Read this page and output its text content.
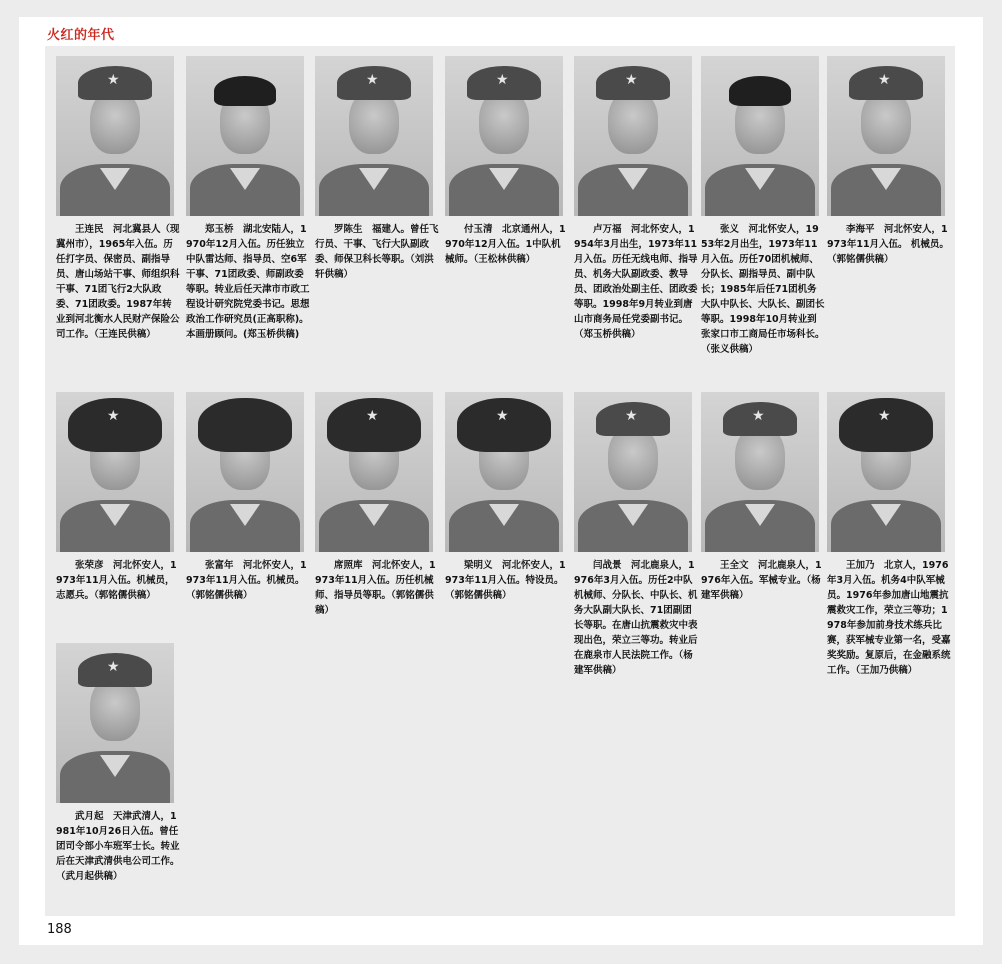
火红的年代
★
　　王连民　河北冀县人（现冀州市），1965年入伍。历任打字员、保密员、副指导员、唐山场站干事、师组织科干事、71团飞行2大队政委、71团政委。1987年转业到河北衡水人民财产保险公司工作。（王连民供稿）
　　郑玉桥　湖北安陆人，1970年12月入伍。历任独立中队雷达师、指导员、空6军干事、71团政委、师副政委等职。转业后任天津市市政工程设计研究院党委书记。思想政治工作研究员(正高职称)。本画册顾问。(郑玉桥供稿)
★
　　罗陈生　福建人。曾任飞行员、干事、飞行大队副政委、师保卫科长等职。（刘洪轩供稿）
★
　　付玉清　北京通州人，1970年12月入伍。1中队机械师。（王松林供稿）
★
　　卢万福　河北怀安人，1954年3月出生，1973年11月入伍。历任无线电师、指导员、机务大队副政委、教导员、团政治处副主任、团政委等职。1998年9月转业到唐山市商务局任党委副书记。（郑玉桥供稿）
　　张义　河北怀安人，1953年2月出生，1973年11月入伍。历任70团机械师、分队长、副指导员、副中队长；1985年后任71团机务大队中队长、大队长、副团长等职。1998年10月转业到张家口市工商局任市场科长。（张义供稿）
★
　　李海平　河北怀安人，1973年11月入伍。 机械员。（郭铭儒供稿）
★
　　张荣彦　河北怀安人，1973年11月入伍。机械员，志愿兵。（郭铭儒供稿）
　　张富年　河北怀安人，1973年11月入伍。机械员。（郭铭儒供稿）
★
　　席照库　河北怀安人，1973年11月入伍。历任机械师、指导员等职。（郭铭儒供稿）
★
　　梁明义　河北怀安人，1973年11月入伍。特设员。（郭铭儒供稿）
★
　　闫战景　河北鹿泉人，1976年3月入伍。历任2中队机械师、分队长、中队长、机务大队副大队长、71团副团长等职。在唐山抗震救灾中表现出色，荣立三等功。转业后在鹿泉市人民法院工作。（杨建军供稿）
★
　　王全文　河北鹿泉人，1976年入伍。军械专业。（杨建军供稿）
★
　　王加乃　北京人，1976年3月入伍。机务4中队军械员。1976年参加唐山地震抗震救灾工作，荣立三等功；1978年参加前身技术练兵比赛，获军械专业第一名，受嘉奖奖励。复原后，在金融系统工作。（王加乃供稿）
★
　　武月起　天津武清人，1981年10月26日入伍。曾任团司令部小车班军士长。转业后在天津武清供电公司工作。（武月起供稿）
188
